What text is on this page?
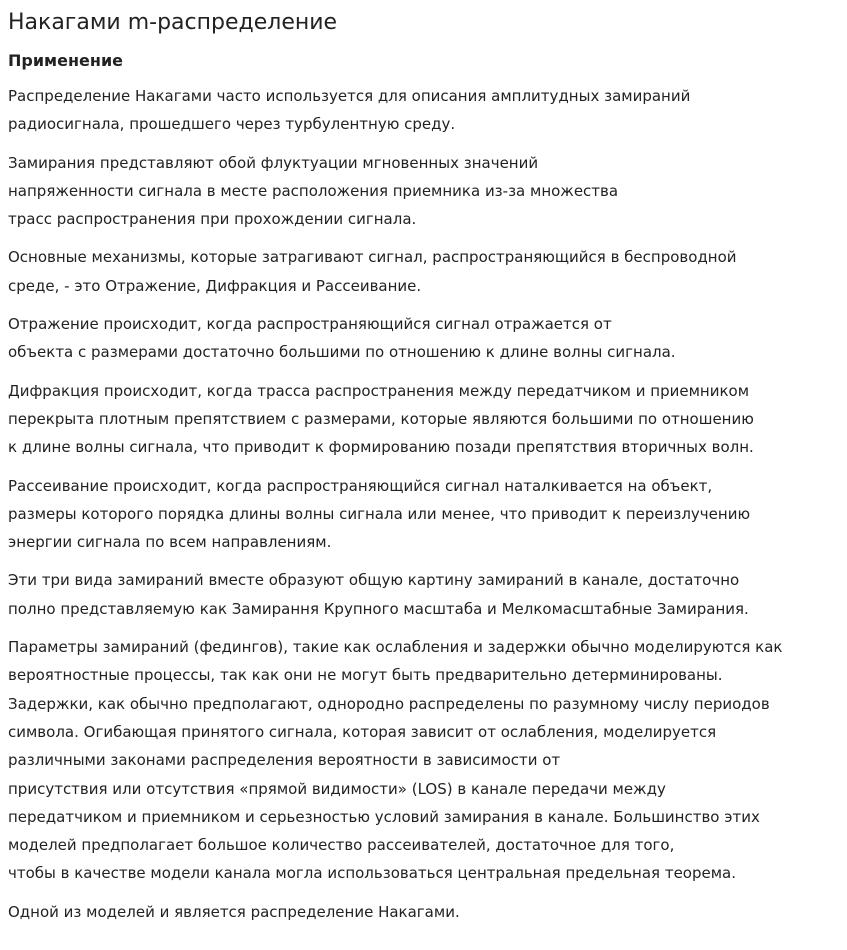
Накагами m-распределение
Применение

Распределение Накагами часто используется для описания амплитудных замираний
радиосигнала, прошедшего через турбулентную среду.

Замирания представляют обой флуктуации мгновенных значений
напряженности сигнала в месте расположения приемника из-за множества
трасс распространения при прохождении сигнала.

Основные механизмы, которые затрагивают сигнал, распространяющийся в беспроводной
среде, - это Отражение, Дифракция и Рассеивание.

Отражение происходит, когда распространяющийся сигнал отражается от
объекта с размерами достаточно большими по отношению к длине волны сигнала.

Дифракция происходит, когда трасса распространения между передатчиком и приемником
перекрыта плотным препятствием с размерами, которые являются большими по отношению
к длине волны сигнала, что приводит к формированию позади препятствия вторичных волн.

Рассеивание происходит, когда распространяющийся сигнал наталкивается на объект,
размеры которого порядка длины волны сигнала или менее, что приводит к переизлучению
энергии сигнала по всем направлениям.

Эти три вида замираний вместе образуют общую картину замираний в канале, достаточно
полно представляемую как Замирання Крупного масштаба и Мелкомасштабные Замирания.

Параметры замираний (федингов), такие как ослабления и задержки обычно моделируются как
вероятностные процессы, так как они не могут быть предварительно детерминированы.
Задержки, как обычно предполагают, однородно распределены по разумному числу периодов
символа. Огибающая принятого сигнала, которая зависит от ослабления, моделируется
различными законами распределения вероятности в зависимости от
присутствия или отсутствия «прямой видимости» (LOS) в канале передачи между
передатчиком и приемником и серьезностью условий замирания в канале. Большинство этих
моделей предполагает большое количество рассеивателей, достаточное для того,
чтобы в качестве модели канала могла использоваться центральная предельная теорема.

Одной из моделей и является распределение Накагами.
